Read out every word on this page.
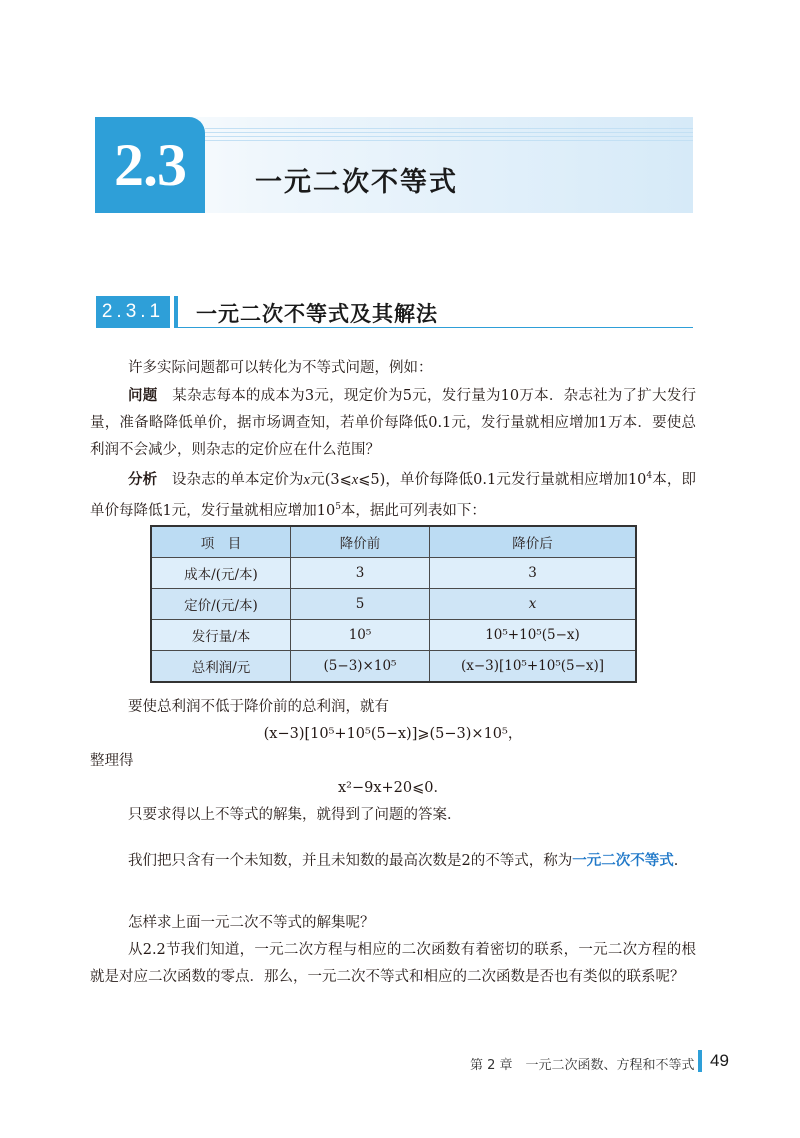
2.3	一元二次不等式
2.3.1 一元二次不等式及其解法
许多实际问题都可以转化为不等式问题，例如：
问题　 某杂志每本的成本为3元，现定价为5元，发行量为10万本．杂志社为了扩大发行量，准备略降低单价，据市场调查知，若单价每降低0.1元，发行量就相应增加1万本．要使总利润不会减少，则杂志的定价应在什么范围？
分析　 设杂志的单本定价为x元(3⩽x⩽5)，单价每降低0.1元发行量就相应增加$10^4$本，即单价每降低1元，发行量就相应增加$10^5$本，据此可列表如下：
项　目	降价前	降价后
成本/(元/本)	3	3
定价/(元/本)	5	x
发行量/本	10⁵	10⁵+10⁵(5−x)
总利润/元	(5−3)×10⁵	(x−3)[10⁵+10⁵(5−x)]
要使总利润不低于降价前的总利润，就有
(x−3)[10⁵+10⁵(5−x)]⩾(5−3)×10⁵，
整理得
x²−9x+20⩽0．
只要求得以上不等式的解集，就得到了问题的答案．
我们把只含有一个未知数，并且未知数的最高次数是2的不等式，称为一元二次不等式．
怎样求上面一元二次不等式的解集呢？
从2.2节我们知道，一元二次方程与相应的二次函数有着密切的联系，一元二次方程的根就是对应二次函数的零点．那么，一元二次不等式和相应的二次函数是否也有类似的联系呢？
第 2 章　一元二次函数、方程和不等式 49
